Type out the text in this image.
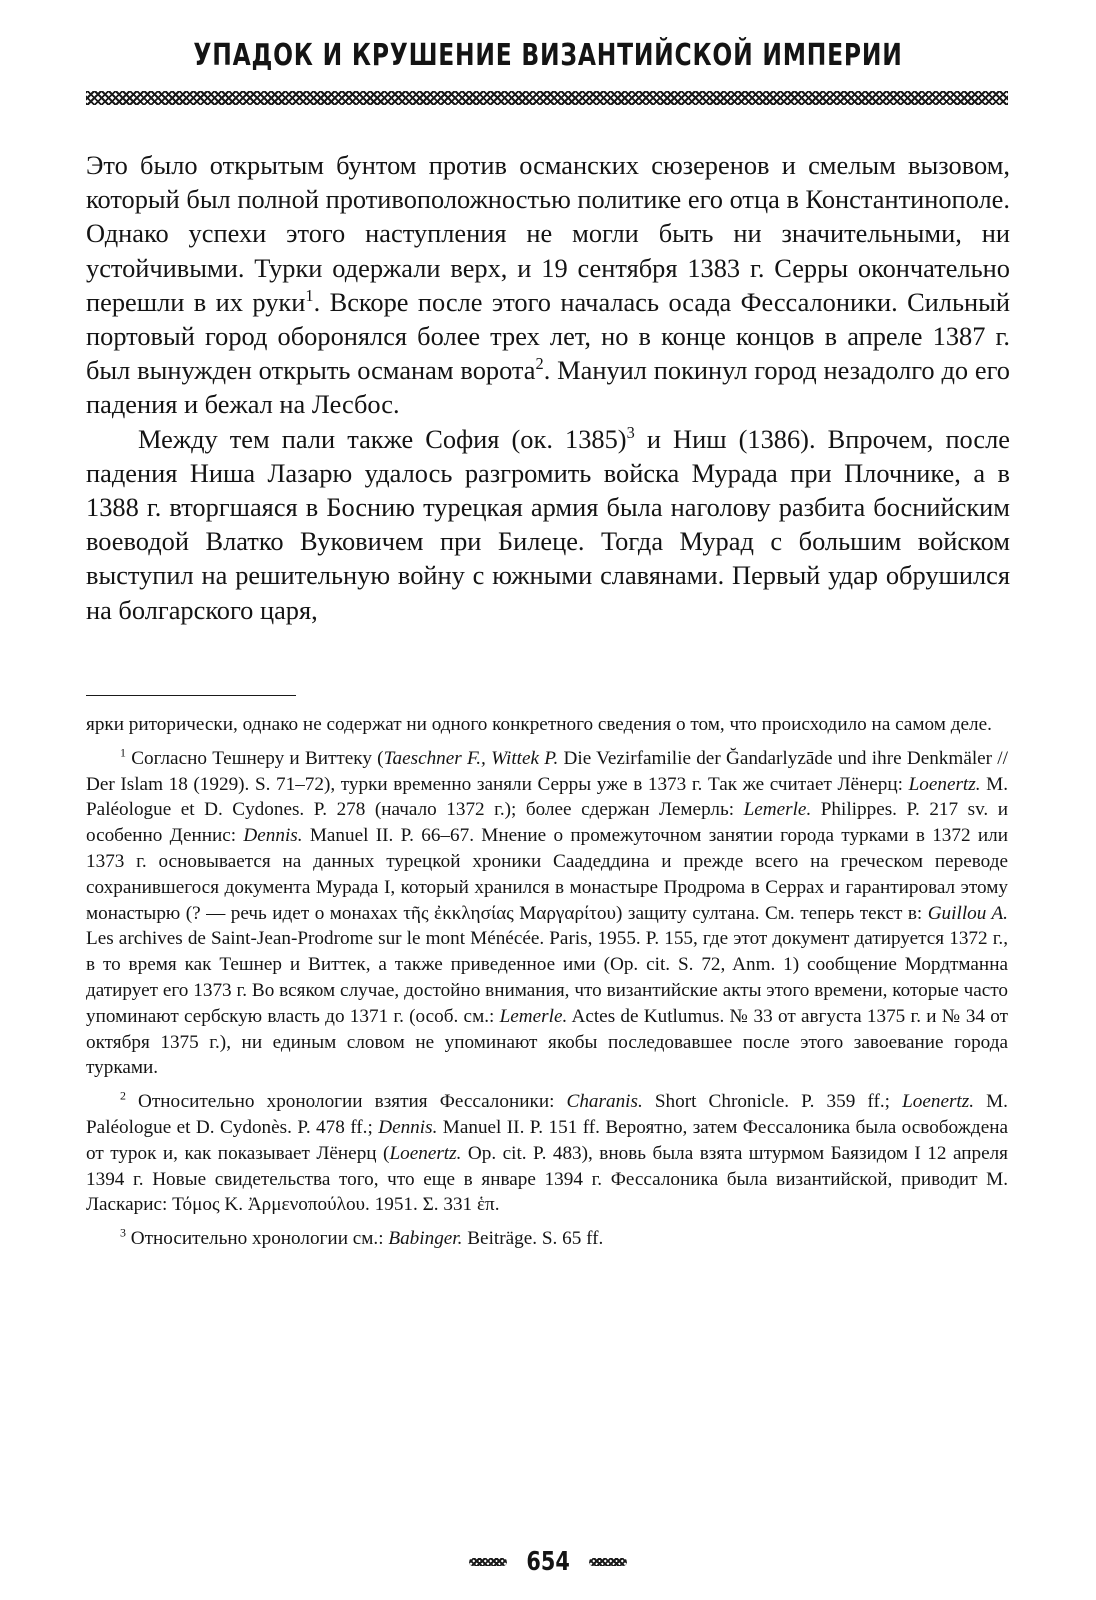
УПАДОК И КРУШЕНИЕ ВИЗАНТИЙСКОЙ ИМПЕРИИ

Это было открытым бунтом против османских сюзеренов и смелым вызовом, который был полной противоположностью политике его отца в Константинополе. Однако успехи этого наступления не могли быть ни значительными, ни устойчивыми. Турки одержали верх, и 19 сентября 1383 г. Серры окончательно перешли в их руки$^1$. Вскоре после этого началась осада Фессалоники. Сильный портовый город оборонялся более трех лет, но в конце концов в апреле 1387 г. был вынужден открыть османам ворота$^2$. Мануил покинул город незадолго до его падения и бежал на Лесбос.

Между тем пали также София (ок. 1385)$^3$ и Ниш (1386). Впрочем, после падения Ниша Лазарю удалось разгромить войска Мурада при Плочнике, а в 1388 г. вторгшаяся в Боснию турецкая армия была наголову разбита боснийским воеводой Влатко Вуковичем при Билеце. Тогда Мурад с большим войском выступил на решительную войну с южными славянами. Первый удар обрушился на болгарского царя,

ярки риторически, однако не содержат ни одного конкретного сведения о том, что происходило на самом деле.

$^1$ Согласно Тешнеру и Виттеку (Taeschner F., Wittek P. Die Vezirfamilie der Ğandarlyzāde und ihre Denkmäler // Der Islam 18 (1929). S. 71–72), турки временно заняли Серры уже в 1373 г. Так же считает Лёнерц: Loenertz. M. Paléologue et D. Cydones. P. 278 (начало 1372 г.); более сдержан Лемерль: Lemerle. Philippes. P. 217 sv. и особенно Деннис: Dennis. Manuel II. P. 66–67. Мнение о промежуточном занятии города турками в 1372 или 1373 г. основывается на данных турецкой хроники Саадеддина и прежде всего на греческом переводе сохранившегося документа Мурада I, который хранился в монастыре Продрома в Серрах и гарантировал этому монастырю (? — речь идет о монахах τῆς ἐκκλησίας Μαργαρίτου) защиту султана. См. теперь текст в: Guillou A. Les archives de Saint-Jean-Prodrome sur le mont Ménécée. Paris, 1955. P. 155, где этот документ датируется 1372 г., в то время как Тешнер и Виттек, а также приведенное ими (Op. cit. S. 72, Anm. 1) сообщение Мордтманна датирует его 1373 г. Во всяком случае, достойно внимания, что византийские акты этого времени, которые часто упоминают сербскую власть до 1371 г. (особ. см.: Lemerle. Actes de Kutlumus. № 33 от августа 1375 г. и № 34 от октября 1375 г.), ни единым словом не упоминают якобы последовавшее после этого завоевание города турками.

$^2$ Относительно хронологии взятия Фессалоники: Charanis. Short Chronicle. P. 359 ff.; Loenertz. M. Paléologue et D. Cydonès. P. 478 ff.; Dennis. Manuel II. P. 151 ff. Вероятно, затем Фессалоника была освобождена от турок и, как показывает Лёнерц (Loenertz. Op. cit. P. 483), вновь была взята штурмом Баязидом I 12 апреля 1394 г. Новые свидетельства того, что еще в январе 1394 г. Фессалоника была византийской, приводит М. Ласкарис: Τόμος Κ. Ἀρμενοπούλου. 1951. Σ. 331 ἑπ.

$^3$ Относительно хронологии см.: Babinger. Beiträge. S. 65 ff.

654
